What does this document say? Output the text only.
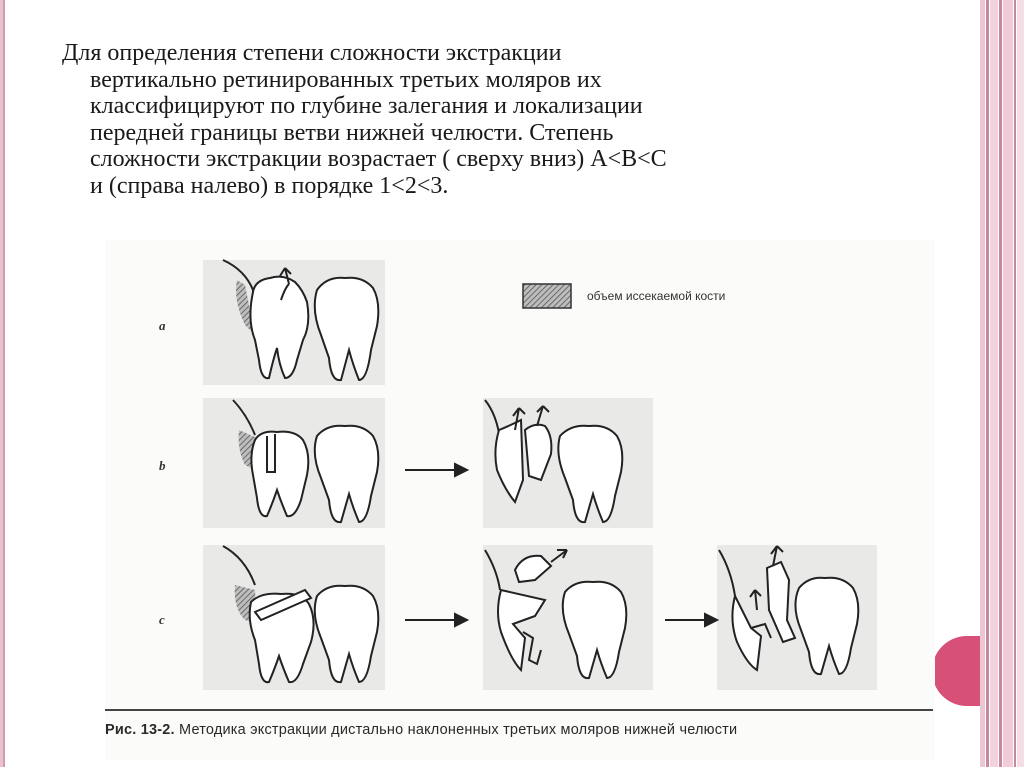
Для определения степени сложности экстракции
вертикально ретинированных третьих моляров их
классифицируют по глубине залегания и локализации
передней границы ветви нижней челюсти. Степень
сложности экстракции возрастает ( сверху вниз) A<B<C
и (справа налево) в порядке 1<2<3.
a
b
c
объем иссекаемой кости
Рис. 13-2. Методика экстракции дистально наклоненных третьих моляров нижней челюсти
